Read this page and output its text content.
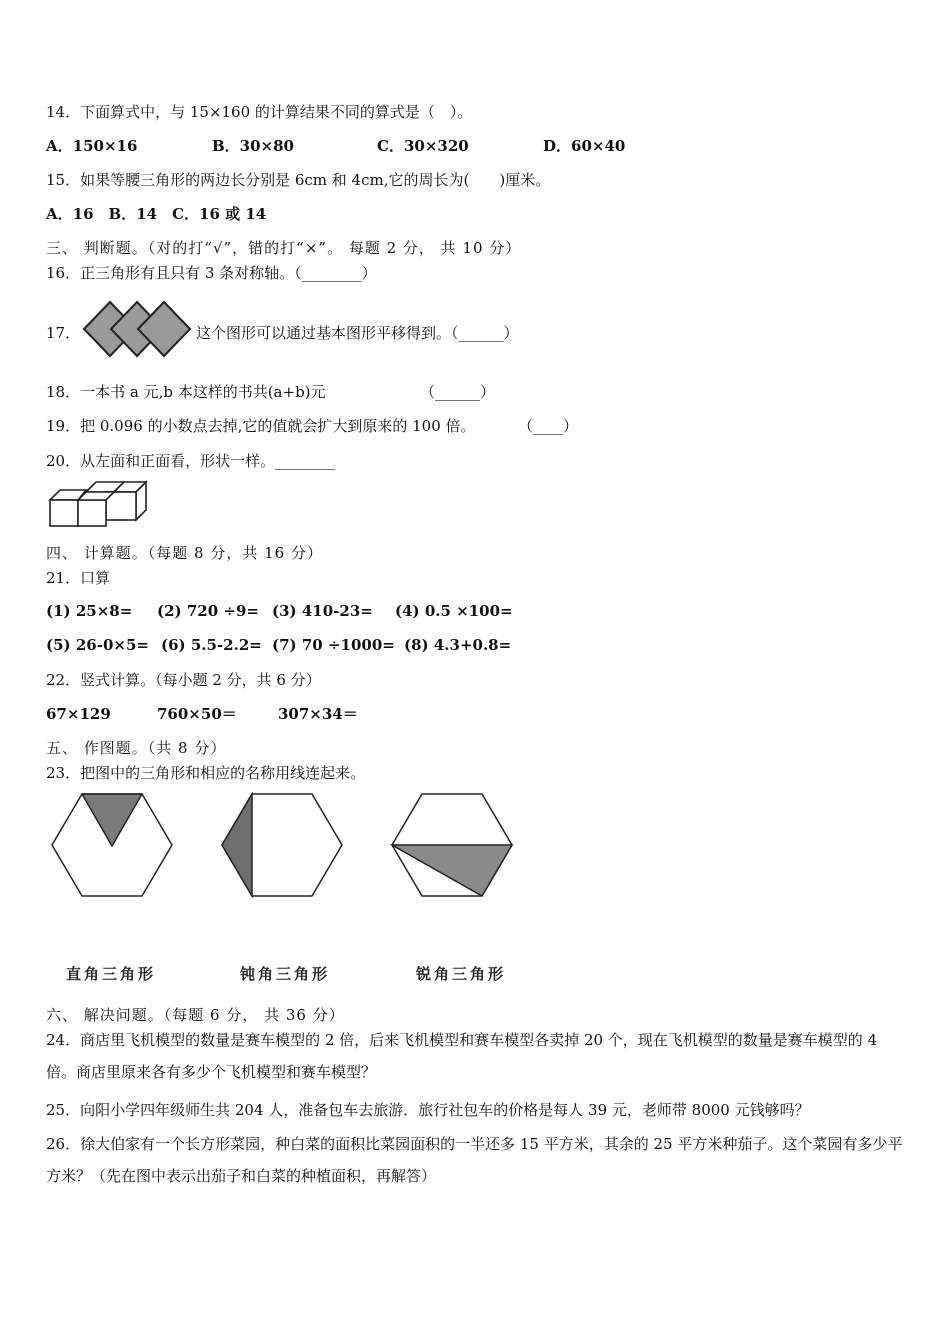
14．下面算式中，与 15×160 的计算结果不同的算式是（　）。
A．150×16	B．30×80	C．30×320	D．60×40
15．如果等腰三角形的两边长分别是 6cm 和 4cm,它的周长为(　　)厘米。
A．16　B．14　C．16 或 14
三、 判断题。（对的打“√”，错的打“×”。 每题 2 分， 共 10 分）
16．正三角形有且只有 3 条对称轴。（________）
17．	这个图形可以通过基本图形平移得到。（______）
18．一本书 a 元,b 本这样的书共(a+b)元	（______）
19．把 0.096 的小数点去掉,它的值就会扩大到原来的 100 倍。	（____）
20．从左面和正面看，形状一样。________
四、 计算题。（每题 8 分，共 16 分）
21．口算
(1) 25×8= (2) 720 ÷9= (3) 410-23= (4) 0.5 ×100=
(5) 26-0×5= (6) 5.5-2.2= (7) 70 ÷1000= (8) 4.3+0.8=
22．竖式计算。（每小题 2 分，共 6 分）
67×129	760×50＝	307×34＝
五、 作图题。（共 8 分）
23．把图中的三角形和相应的名称用线连起来。
直角三角形	钝角三角形	锐角三角形
六、 解决问题。（每题 6 分， 共 36 分）
24．商店里飞机模型的数量是赛车模型的 2 倍，后来飞机模型和赛车模型各卖掉 20 个，现在飞机模型的数量是赛车模型的 4 倍。商店里原来各有多少个飞机模型和赛车模型？
25．向阳小学四年级师生共 204 人，准备包车去旅游．旅行社包车的价格是每人 39 元，老师带 8000 元钱够吗？
26．徐大伯家有一个长方形菜园，种白菜的面积比菜园面积的一半还多 15 平方米，其余的 25 平方米种茄子。这个菜园有多少平方米？（先在图中表示出茄子和白菜的种植面积，再解答）
